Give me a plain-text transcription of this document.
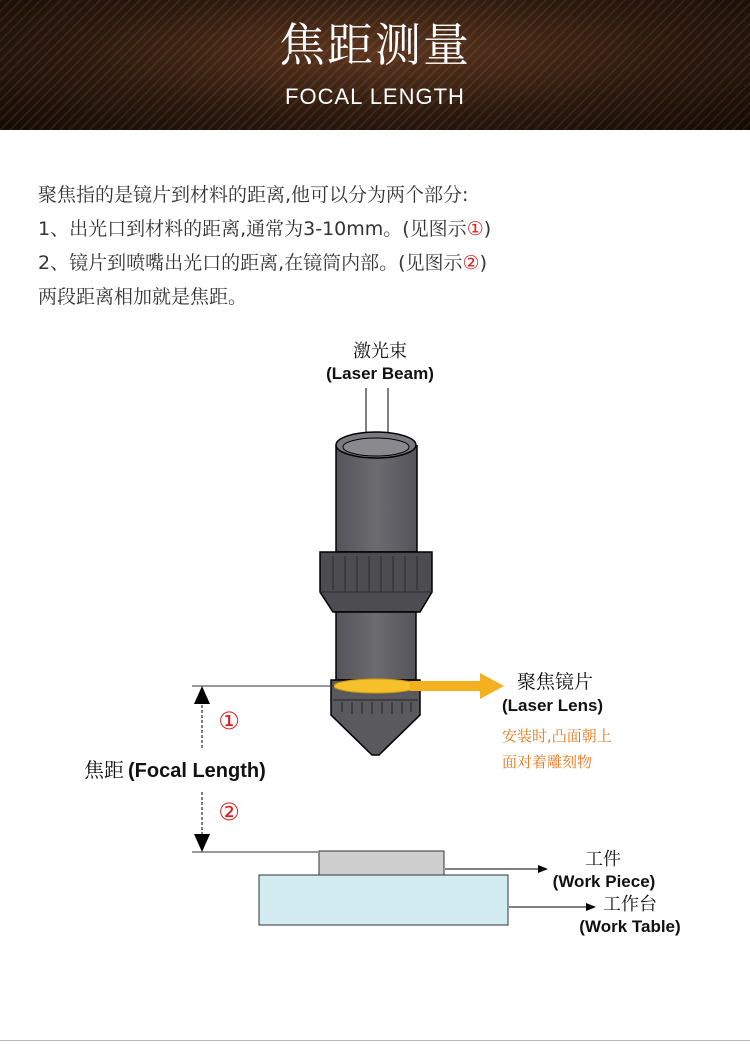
焦距测量
FOCAL LENGTH

聚焦指的是镜片到材料的距离,他可以分为两个部分:

1、出光口到材料的距离,通常为3-10mm。(见图示①)

2、镜片到喷嘴出光口的距离,在镜筒内部。(见图示②)

两段距离相加就是焦距。

激光束
(Laser Beam)
聚焦镜片
(Laser Lens)
安装时,凸面朝上
面对着雕刻物
①
②
焦距 (Focal Length)
工件
(Work Piece)
工作台
(Work Table)
